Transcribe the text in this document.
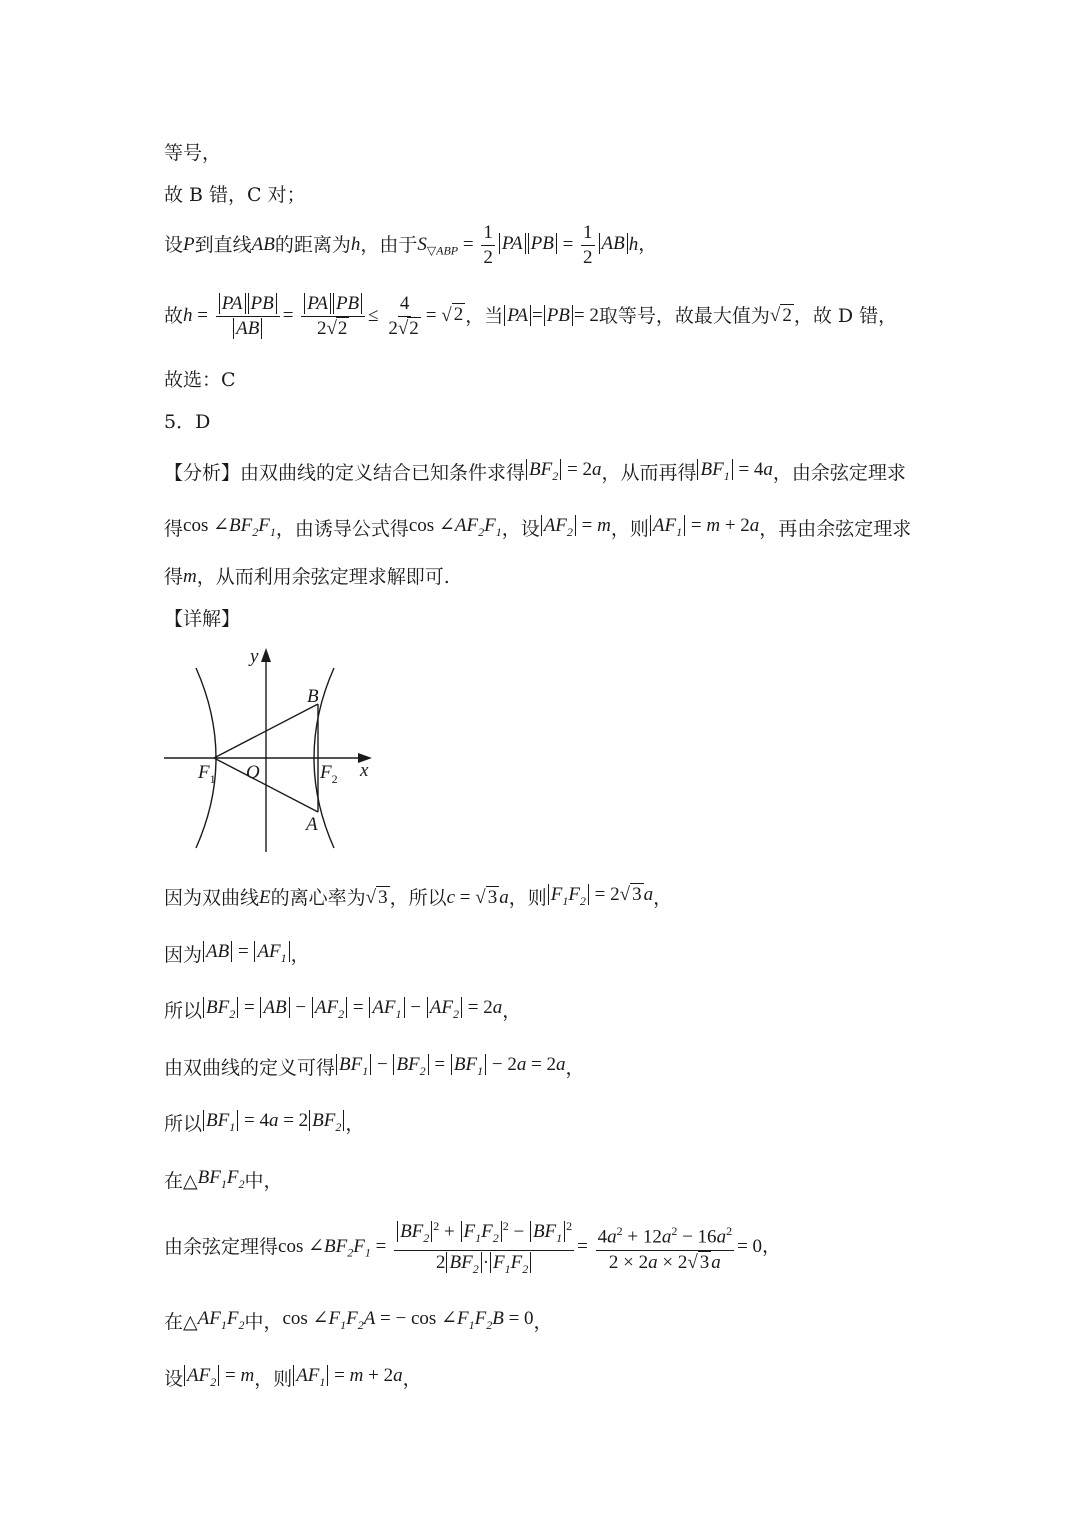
等号，
故 B 错，C 对；
设 P 到直线 AB 的距离为 h ，由于 $S_{▽ABP} = \frac{1}{2}$ PA PB = $\frac{1}{2}$ AB h，
故 $h = \frac{\text{PA PB}}{AB} = \frac{\text{PA PB}}{2√2} \le \frac{4}{2√2}$ = √ 2 ，当 PA = PB = 2 取等号，故最大值为 √ 2 ，故 D 错，
故选：C
5．D
【分析】由双曲线的定义结合已知条件求得 $BF_2 = 2a$ ，从而再得 $BF_1 = 4a$ ，由余弦定理求
得 $\cos \angle BF_2F_1$ ，由诱导公式得 $\cos \angle AF_2F_1$ ，设 $AF_2 = m$ ，则 $AF_1 = m + 2a$ ，再由余弦定理求
得 m ，从而利用余弦定理求解即可.
【详解】
y
x
O
B
A
$F_1$	$F_2$
因为双曲线 E 的离心率为 √ 3 ，所以 c = √ 3 a ，则 $F_1F_2 = 2√$ 3 a ，
因为 AB = $AF_1$ ，
所以 $BF_2$ = AB − $AF_2 = AF_1 - AF_2 = 2a$ ，
由双曲线的定义可得 $BF_1 - BF_2 = BF_1 - 2a = 2a$ ，
所以 $BF_1 = 4a = 2$ $BF_2$ ，
在△ $BF_1F_2$ 中，
由余弦定理得 $\cos \angle BF_2F_1 = \frac{BF_2^2 + F_1F_2^2 - BF_1^2}{2 BF_2 \cdot F_1F_2} = \frac{4a^2 + 12a^2 - 16a^2}{2 \times 2a \times 2√ 3 a} = 0$，
在△ $AF_1F_2$ 中， $\cos \angle F_1F_2A$ = − $\cos \angle F_1F_2B = 0$ ，
设 $AF_2 = m$ ，则 $AF_1 = m + 2a$ ，
